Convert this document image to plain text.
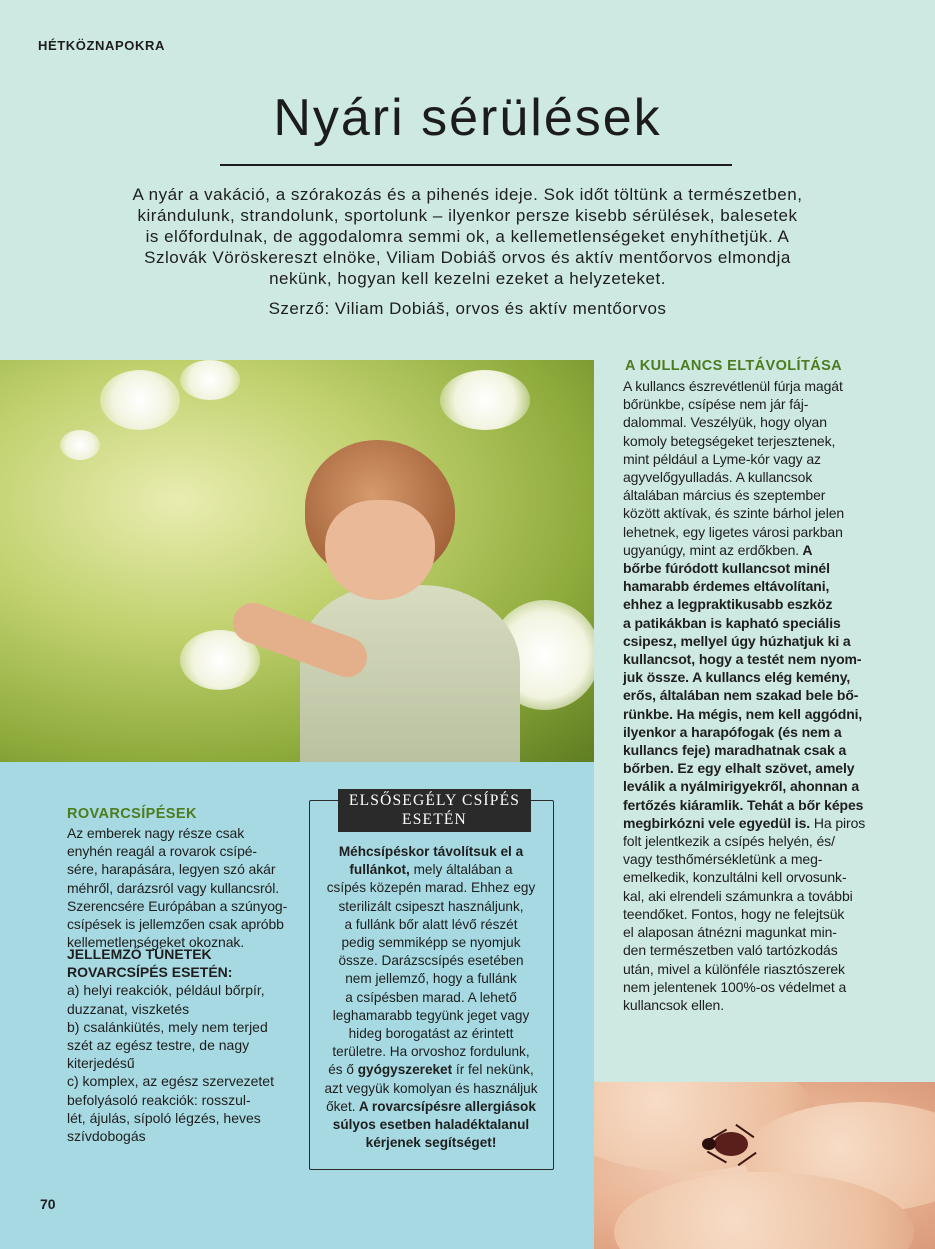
HÉTKÖZNAPOKRA
Nyári sérülések
A nyár a vakáció, a szórakozás és a pihenés ideje. Sok időt töltünk a természetben,
kirándulunk, strandolunk, sportolunk – ilyenkor persze kisebb sérülések, balesetek
is előfordulnak, de aggodalomra semmi ok, a kellemetlenségeket enyhíthetjük. A
Szlovák Vöröskereszt elnöke, Viliam Dobiáš orvos és aktív mentőorvos elmondja
nekünk, hogyan kell kezelni ezeket a helyzeteket.
Szerző: Viliam Dobiáš, orvos és aktív mentőorvos
A KULLANCS ELTÁVOLÍTÁSA
A kullancs észrevétlenül fúrja magát
bőrünkbe, csípése nem jár fáj-
dalommal. Veszélyük, hogy olyan
komoly betegségeket terjesztenek,
mint például a Lyme-kór vagy az
agyvelőgyulladás. A kullancsok
általában március és szeptember
között aktívak, és szinte bárhol jelen
lehetnek, egy ligetes városi parkban
ugyanúgy, mint az erdőkben. A
bőrbe fúródott kullancsot minél
hamarabb érdemes eltávolítani,
ehhez a legpraktikusabb eszköz
a patikákban is kapható speciális
csipesz, mellyel úgy húzhatjuk ki a
kullancsot, hogy a testét nem nyom-
juk össze. A kullancs elég kemény,
erős, általában nem szakad bele bő-
rünkbe. Ha mégis, nem kell aggódni,
ilyenkor a harapófogak (és nem a
kullancs feje) maradhatnak csak a
bőrben. Ez egy elhalt szövet, amely
leválik a nyálmirigyekről, ahonnan a
fertőzés kiáramlik. Tehát a bőr képes
megbirkózni vele egyedül is. Ha piros
folt jelentkezik a csípés helyén, és/
vagy testhőmérsékletünk a meg-
emelkedik, konzultálni kell orvosunk-
kal, aki elrendeli számunkra a további
teendőket. Fontos, hogy ne felejtsük
el alaposan átnézni magunkat min-
den természetben való tartózkodás
után, mivel a különféle riasztószerek
nem jelentenek 100%-os védelmet a
kullancsok ellen.
ROVARCSÍPÉSEK
Az emberek nagy része csak
enyhén reagál a rovarok csípé-
sére, harapására, legyen szó akár
méhről, darázsról vagy kullancsról.
Szerencsére Európában a szúnyog-
csípések is jellemzően csak apróbb
kellemetlenségeket okoznak.
JELLEMZŐ TÜNETEK
ROVARCSÍPÉS ESETÉN:
a) helyi reakciók, például bőrpír,
duzzanat, viszketés
b) csalánkiütés, mely nem terjed
szét az egész testre, de nagy
kiterjedésű
c) komplex, az egész szervezetet
befolyásoló reakciók: rosszul-
lét, ájulás, sípoló légzés, heves
szívdobogás
ELSŐSEGÉLY CSÍPÉS
ESETÉN
Méhcsípéskor távolítsuk el a
fullánkot, mely általában a
csípés közepén marad. Ehhez egy
sterilizált csipeszt használjunk,
a fullánk bőr alatt lévő részét
pedig semmiképp se nyomjuk
össze. Darázscsípés esetében
nem jellemző, hogy a fullánk
a csípésben marad. A lehető
leghamarabb tegyünk jeget vagy
hideg borogatást az érintett
területre. Ha orvoshoz fordulunk,
és ő gyógyszereket ír fel nekünk,
azt vegyük komolyan és használjuk
őket. A rovarcsípésre allergiások
súlyos esetben haladéktalanul
kérjenek segítséget!
70
